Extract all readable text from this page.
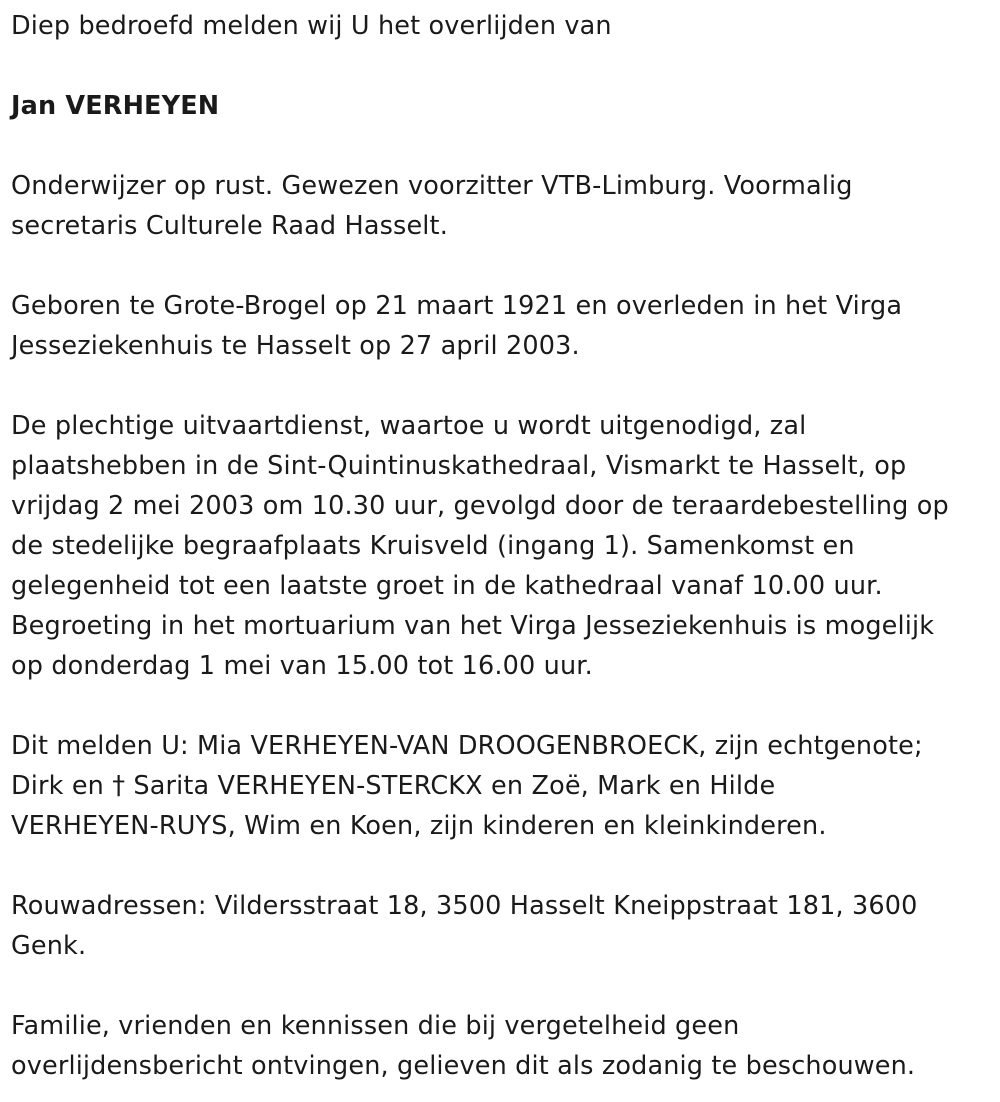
Diep bedroefd melden wij U het overlijden van

Jan VERHEYEN

Onderwijzer op rust. Gewezen voorzitter VTB-Limburg. Voormalig secretaris Culturele Raad Hasselt.

Geboren te Grote-Brogel op 21 maart 1921 en overleden in het Virga Jesseziekenhuis te Hasselt op 27 april 2003.

De plechtige uitvaartdienst, waartoe u wordt uitgenodigd, zal
plaatshebben in de Sint-Quintinuskathedraal, Vismarkt te Hasselt, op
vrijdag 2 mei 2003 om 10.30 uur, gevolgd door de teraardebestelling op
de stedelijke begraafplaats Kruisveld (ingang 1). Samenkomst en
gelegenheid tot een laatste groet in de kathedraal vanaf 10.00 uur.
Begroeting in het mortuarium van het Virga Jesseziekenhuis is mogelijk
op donderdag 1 mei van 15.00 tot 16.00 uur.

Dit melden U: Mia VERHEYEN-VAN DROOGENBROECK, zijn echtgenote;
Dirk en † Sarita VERHEYEN-STERCKX en Zoë, Mark en Hilde
VERHEYEN-RUYS, Wim en Koen, zijn kinderen en kleinkinderen.

Rouwadressen: Vildersstraat 18, 3500 Hasselt Kneippstraat 181, 3600 Genk.

Familie, vrienden en kennissen die bij vergetelheid geen
overlijdensbericht ontvingen, gelieven dit als zodanig te beschouwen.
